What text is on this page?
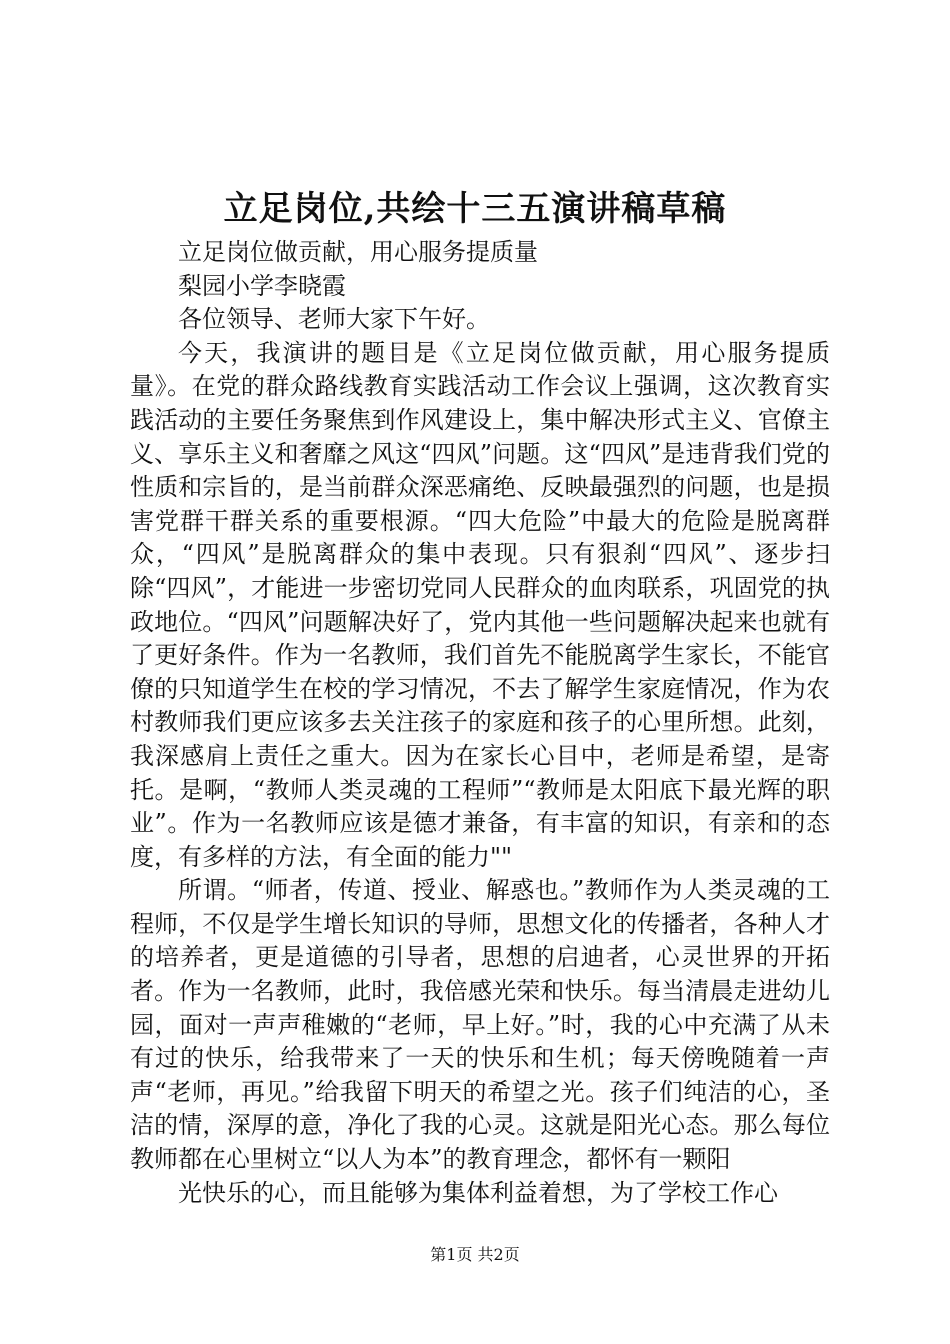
立足岗位,共绘十三五演讲稿草稿

立足岗位做贡献，用心服务提质量

梨园小学李晓霞

各位领导、老师大家下午好。

今天，我演讲的题目是《立足岗位做贡献，用心服务提质量》。在党的群众路线教育实践活动工作会议上强调，这次教育实践活动的主要任务聚焦到作风建设上，集中解决形式主义、官僚主义、享乐主义和奢靡之风这“四风”问题。这“四风”是违背我们党的性质和宗旨的，是当前群众深恶痛绝、反映最强烈的问题，也是损害党群干群关系的重要根源。“四大危险”中最大的危险是脱离群众，“四风”是脱离群众的集中表现。只有狠刹“四风”、逐步扫除“四风”，才能进一步密切党同人民群众的血肉联系，巩固党的执政地位。“四风”问题解决好了，党内其他一些问题解决起来也就有了更好条件。作为一名教师，我们首先不能脱离学生家长，不能官僚的只知道学生在校的学习情况，不去了解学生家庭情况，作为农村教师我们更应该多去关注孩子的家庭和孩子的心里所想。此刻，我深感肩上责任之重大。因为在家长心目中，老师是希望，是寄托。是啊，“教师人类灵魂的工程师”“教师是太阳底下最光辉的职业”。作为一名教师应该是德才兼备，有丰富的知识，有亲和的态度，有多样的方法，有全面的能力""

所谓。“师者，传道、授业、解惑也。”教师作为人类灵魂的工程师，不仅是学生增长知识的导师，思想文化的传播者，各种人才的培养者，更是道德的引导者，思想的启迪者，心灵世界的开拓者。作为一名教师，此时，我倍感光荣和快乐。每当清晨走进幼儿园，面对一声声稚嫩的“老师，早上好。”时，我的心中充满了从未有过的快乐，给我带来了一天的快乐和生机；每天傍晚随着一声声“老师，再见。”给我留下明天的希望之光。孩子们纯洁的心，圣洁的情，深厚的意，净化了我的心灵。这就是阳光心态。那么每位教师都在心里树立“以人为本”的教育理念，都怀有一颗阳

光快乐的心，而且能够为集体利益着想，为了学校工作心

第1页 共2页
